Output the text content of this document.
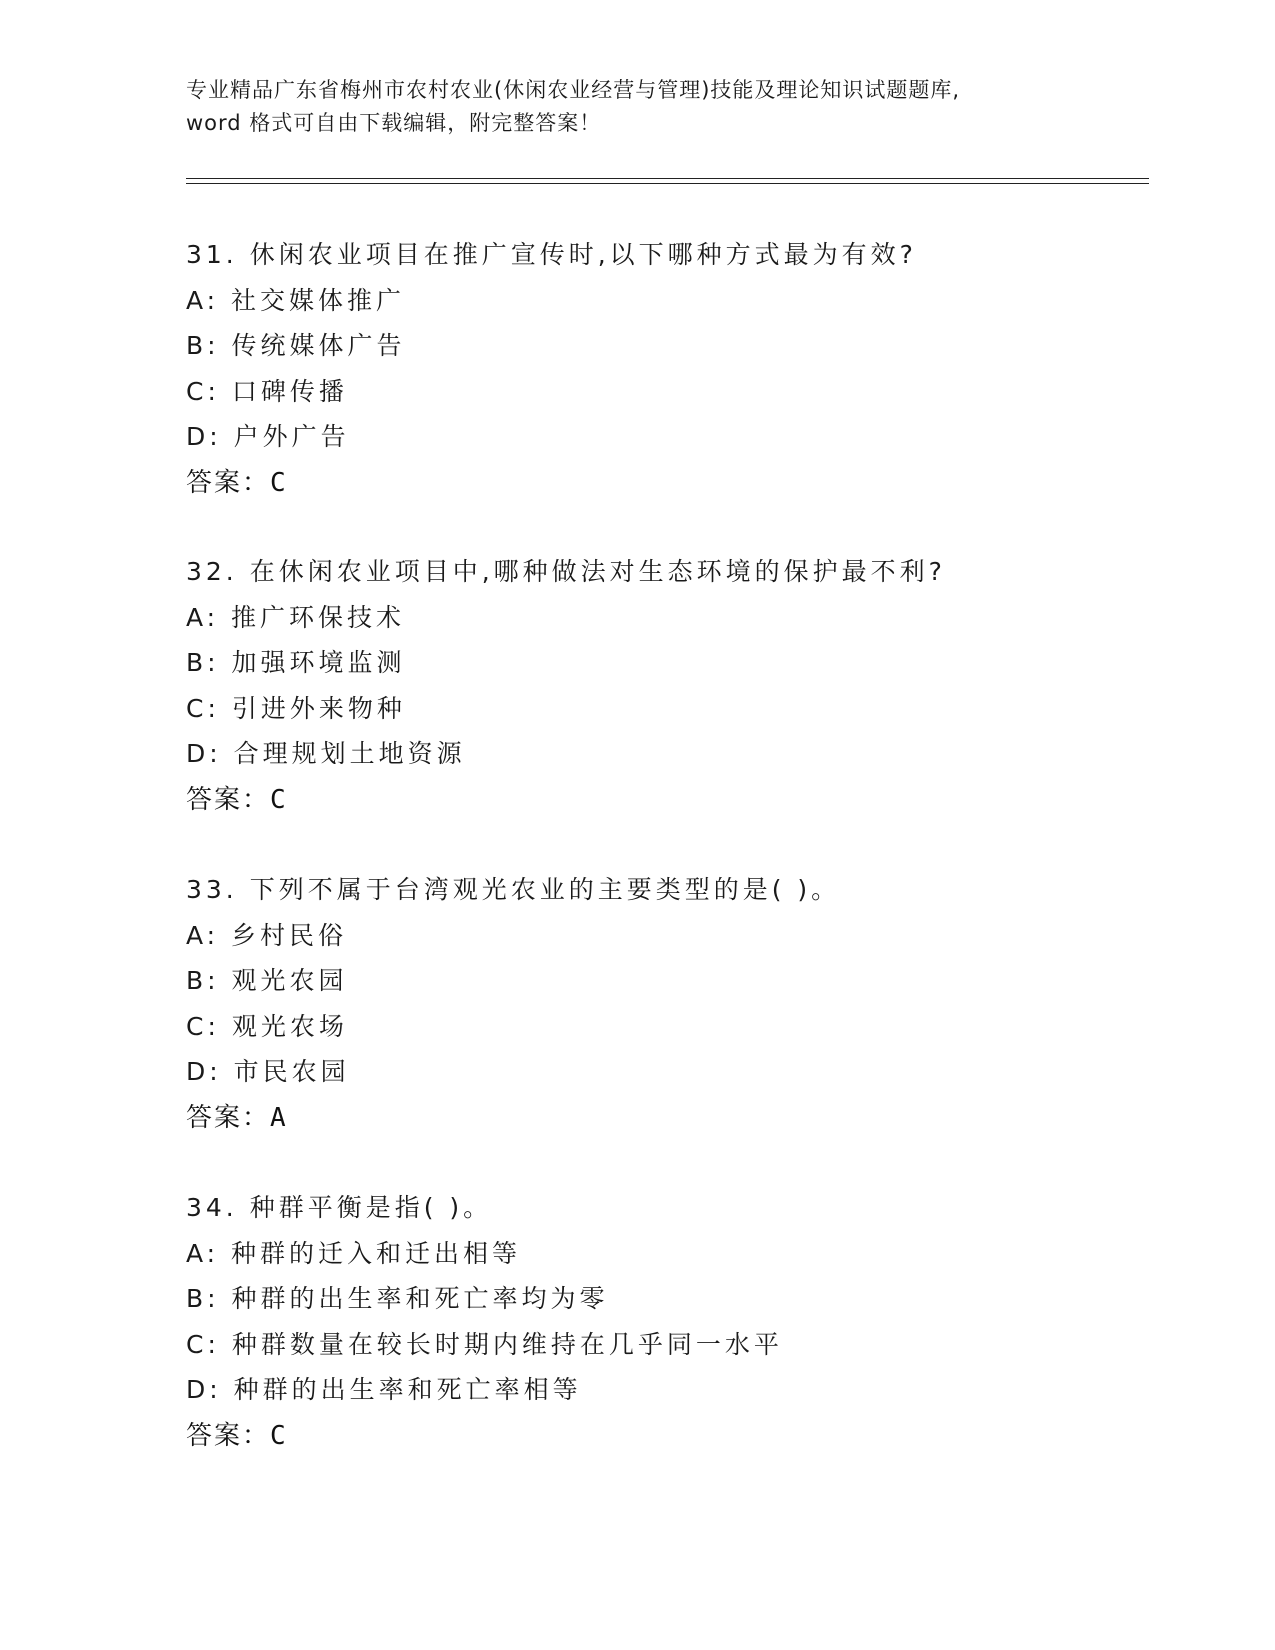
专业精品广东省梅州市农村农业(休闲农业经营与管理)技能及理论知识试题题库,
word 格式可自由下载编辑，附完整答案！
31. 休闲农业项目在推广宣传时,以下哪种方式最为有效?
A: 社交媒体推广
B: 传统媒体广告
C: 口碑传播
D: 户外广告
答案：C
32. 在休闲农业项目中,哪种做法对生态环境的保护最不利?
A: 推广环保技术
B: 加强环境监测
C: 引进外来物种
D: 合理规划土地资源
答案：C
33. 下列不属于台湾观光农业的主要类型的是( )。
A: 乡村民俗
B: 观光农园
C: 观光农场
D: 市民农园
答案：A
34. 种群平衡是指( )。
A: 种群的迁入和迁出相等
B: 种群的出生率和死亡率均为零
C: 种群数量在较长时期内维持在几乎同一水平
D: 种群的出生率和死亡率相等
答案：C
